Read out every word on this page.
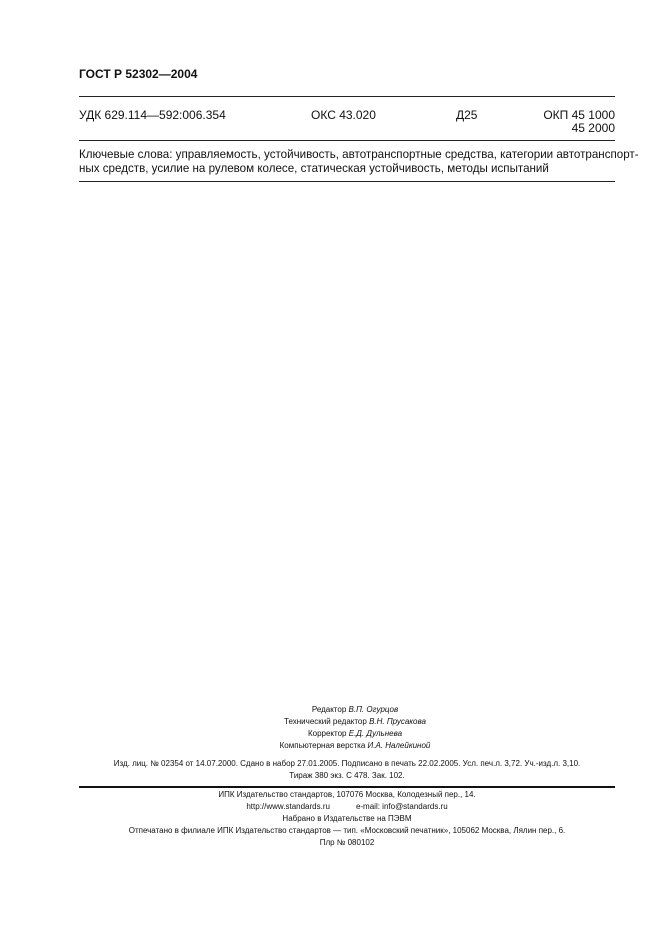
ГОСТ Р 52302—2004
УДК 629.114—592:006.354	ОКС 43.020	Д25	ОКП 45 1000
45 2000
Ключевые слова: управляемость, устойчивость, автотранспортные средства, категории автотранспорт-
ных средств, усилие на рулевом колесе, статическая устойчивость, методы испытаний
Редактор В.П. Огурцов
Технический редактор В.Н. Прусакова
Корректор Е.Д. Дульнева
Компьютерная верстка И.А. Налейкиной
Изд. лиц. № 02354 от 14.07.2000. Сдано в набор 27.01.2005. Подписано в печать 22.02.2005. Усл. печ.л. 3,72. Уч.-изд.л. 3,10.
Тираж 380 экз. С 478. Зак. 102.
ИПК Издательство стандартов, 107076 Москва, Колодезный пер., 14.
http://www.standards.ru	e-mail: info@standards.ru
Набрано в Издательстве на ПЭВМ
Отпечатано в филиале ИПК Издательство стандартов — тип. «Московский печатник», 105062 Москва, Лялин пер., 6.
Плр № 080102
